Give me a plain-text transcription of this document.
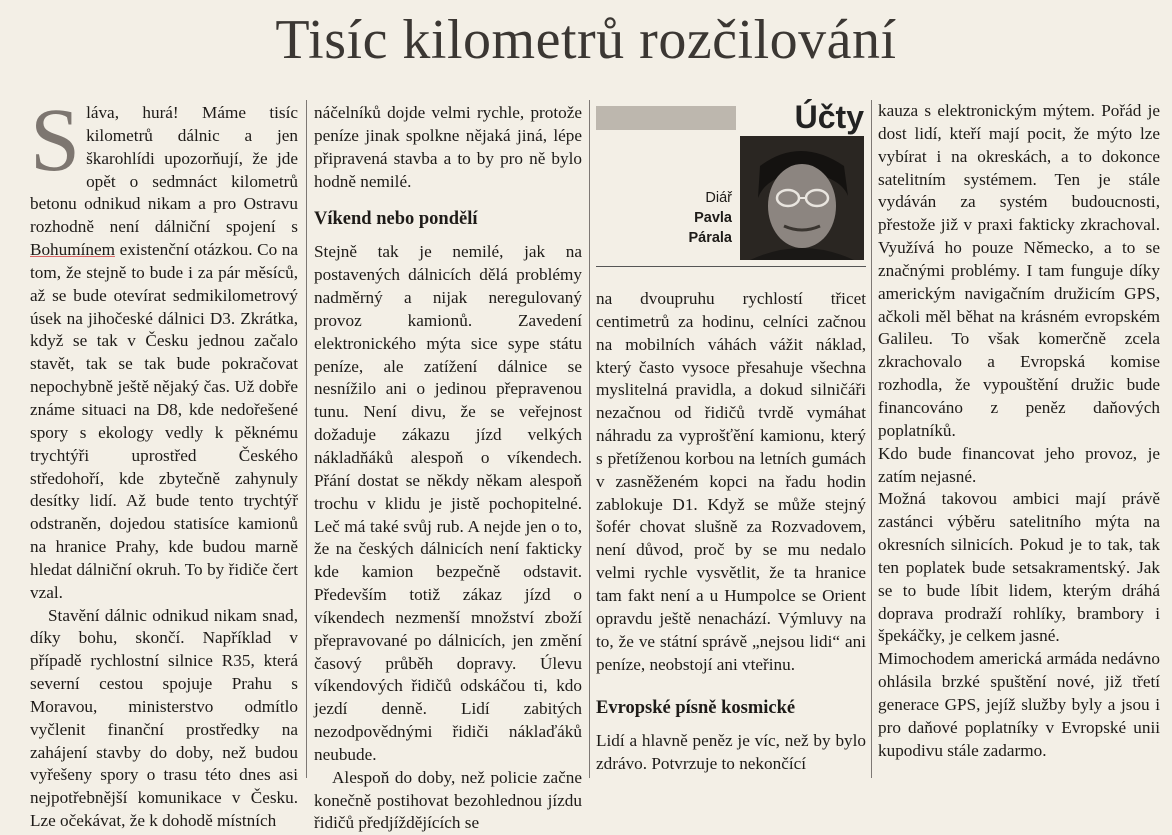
Tisíc kilometrů rozčilování

S láva, hurá! Máme tisíc kilometrů dálnic a jen škarohlídi upozorňují, že jde opět o sedmnáct kilometrů betonu odnikud nikam a pro Ostravu rozhodně není dálniční spojení s Bohumínem existenční otázkou. Co na tom, že stejně to bude i za pár měsíců, až se bude otevírat sedmikilometrový úsek na jihočeské dálnici D3. Zkrátka, když se tak v Česku jednou začalo stavět, tak se tak bude pokračovat nepochybně ještě nějaký čas. Už dobře známe situaci na D8, kde nedořešené spory s ekology vedly k pěknému trychtýři uprostřed Českého středohoří, kde zbytečně zahynuly desítky lidí. Až bude tento trychtýř odstraněn, dojedou statisíce kamionů na hranice Prahy, kde budou marně hledat dálniční okruh. To by řidiče čert vzal.

Stavění dálnic odnikud nikam snad, díky bohu, skončí. Například v případě rychlostní silnice R35, která severní cestou spojuje Prahu s Moravou, ministerstvo odmítlo vyčlenit finanční prostředky na zahájení stavby do doby, než budou vyřešeny spory o trasu této dnes asi nejpotřebnější komunikace v Česku. Lze očekávat, že k dohodě místních

náčelníků dojde velmi rychle, protože peníze jinak spolkne nějaká jiná, lépe připravená stavba a to by pro ně bylo hodně nemilé.

Víkend nebo pondělí

Stejně tak je nemilé, jak na postavených dálnicích dělá problémy nadměrný a nijak neregulovaný provoz kamionů. Zavedení elektronického mýta sice sype státu peníze, ale zatížení dálnice se nesnížilo ani o jedinou přepravenou tunu. Není divu, že se veřejnost dožaduje zákazu jízd velkých nákladňáků alespoň o víkendech. Přání dostat se někdy někam alespoň trochu v klidu je jistě pochopitelné. Leč má také svůj rub. A nejde jen o to, že na českých dálnicích není fakticky kde kamion bezpečně odstavit. Především totiž zákaz jízd o víkendech nezmenší množství zboží přepravované po dálnicích, jen změní časový průběh dopravy. Úlevu víkendových řidičů odskáčou ti, kdo jezdí denně. Lidí zabitých nezodpovědnými řidiči náklaďáků neubude.

Alespoň do doby, než policie začne konečně postihovat bezohlednou jízdu řidičů předjíždějících se

Účty
Diář
Pavla
Párala

na dvoupruhu rychlostí třicet centimetrů za hodinu, celníci začnou na mobilních váhách vážit náklad, který často vysoce přesahuje všechna myslitelná pravidla, a dokud silničáři nezačnou od řidičů tvrdě vymáhat náhradu za vyprošťění kamionu, který s přetíženou korbou na letních gumách v zasněženém kopci na řadu hodin zablokuje D1. Když se může stejný šofér chovat slušně za Rozvadovem, není důvod, proč by se mu nedalo velmi rychle vysvětlit, že ta hranice tam fakt není a u Humpolce se Orient opravdu ještě nenachází. Výmluvy na to, že ve státní správě „nejsou lidi“ ani peníze, neobstojí ani vteřinu.

Evropské písně kosmické

Lidí a hlavně peněz je víc, než by bylo zdrávo. Potvrzuje to nekončící

kauza s elektronickým mýtem. Pořád je dost lidí, kteří mají pocit, že mýto lze vybírat i na okreskách, a to dokonce satelitním systémem. Ten je stále vydáván za systém budoucnosti, přestože již v praxi fakticky zkrachoval. Využívá ho pouze Německo, a to se značnými problémy. I tam funguje díky americkým navigačním družicím GPS, ačkoli měl běhat na krásném evropském Galileu. To však komerčně zcela zkrachovalo a Evropská komise rozhodla, že vypouštění družic bude financováno z peněz daňových poplatníků.

Kdo bude financovat jeho provoz, je zatím nejasné.

Možná takovou ambici mají právě zastánci výběru satelitního mýta na okresních silnicích. Pokud je to tak, tak ten poplatek bude setsakramentský. Jak se to bude líbit lidem, kterým dráhá doprava prodraží rohlíky, brambory i špekáčky, je celkem jasné.

Mimochodem americká armáda nedávno ohlásila brzké spuštění nové, již třetí generace GPS, jejíž služby byly a jsou i pro daňové poplatníky v Evropské unii kupodivu stále zadarmo.
